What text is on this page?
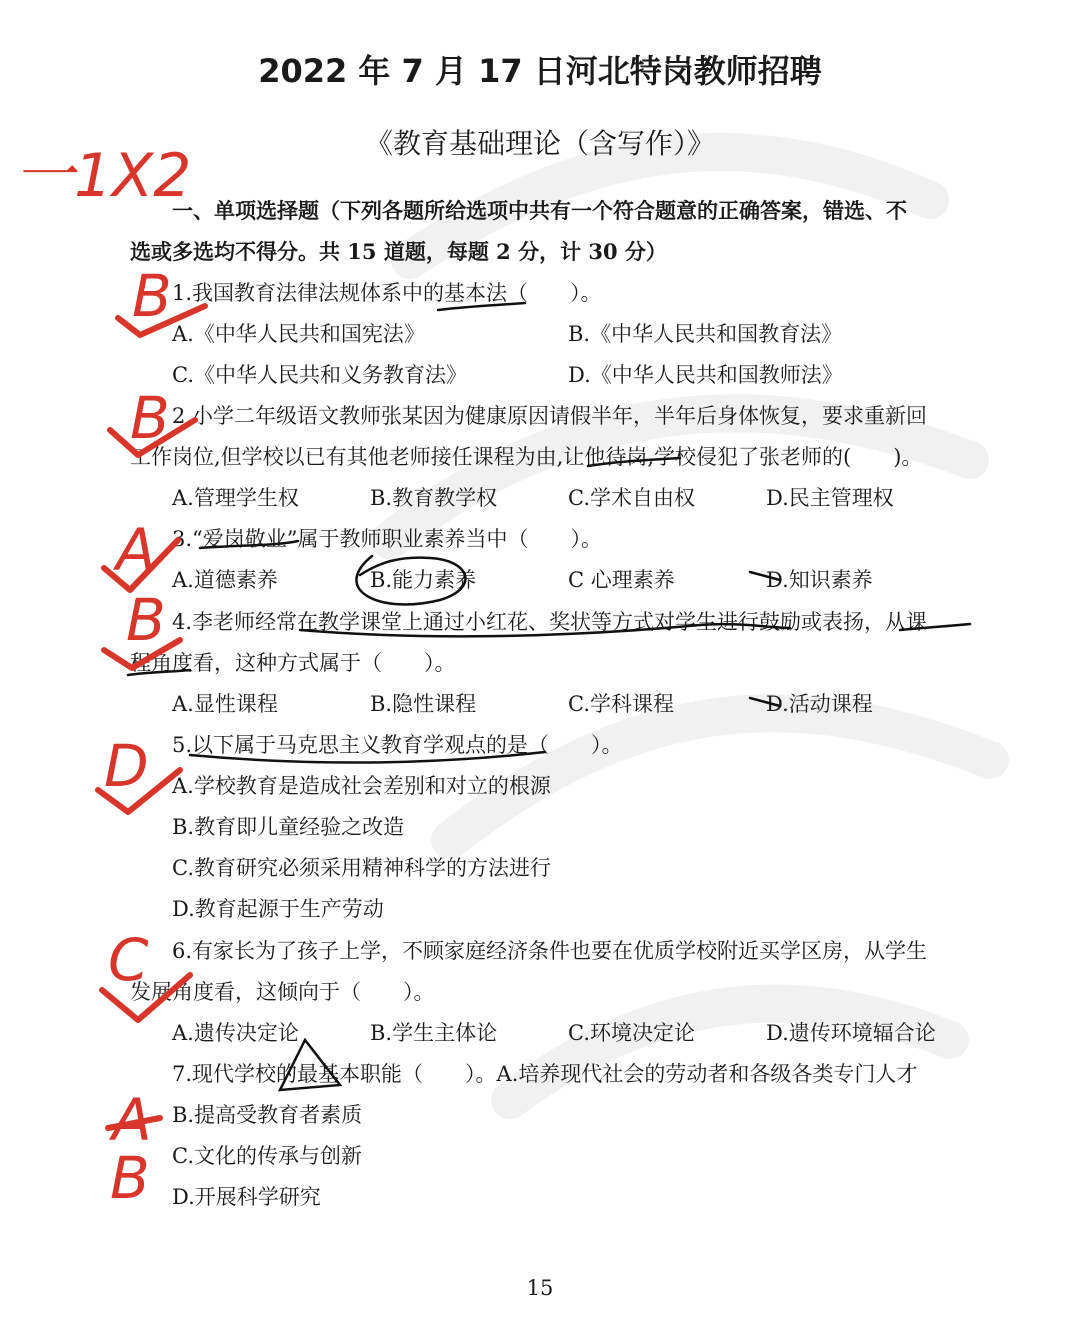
2022 年 7 月 17 日河北特岗教师招聘
《教育基础理论（含写作）》
一、单项选择题（下列各题所给选项中共有一个符合题意的正确答案，错选、不
选或多选均不得分。共 15 道题，每题 2 分，计 30 分）
1.我国教育法律法规体系中的基本法（　　）。
A.《中华人民共和国宪法》	B.《中华人民共和国教育法》
C.《中华人民共和义务教育法》	D.《中华人民共和国教师法》
2.小学二年级语文教师张某因为健康原因请假半年，半年后身体恢复，要求重新回
工作岗位,但学校以已有其他老师接任课程为由,让他待岗,学校侵犯了张老师的(　　)。
A.管理学生权	B.教育教学权	C.学术自由权	D.民主管理权
3.“爱岗敬业”属于教师职业素养当中（　　）。
A.道德素养	B.能力素养	C 心理素养	D.知识素养
4.李老师经常在教学课堂上通过小红花、奖状等方式对学生进行鼓励或表扬，从课
程角度看，这种方式属于（　　）。
A.显性课程	B.隐性课程	C.学科课程	D.活动课程
5.以下属于马克思主义教育学观点的是（　　）。
A.学校教育是造成社会差别和对立的根源
B.教育即儿童经验之改造
C.教育研究必须采用精神科学的方法进行
D.教育起源于生产劳动
6.有家长为了孩子上学，不顾家庭经济条件也要在优质学校附近买学区房，从学生
发展角度看，这倾向于（　　）。
A.遗传决定论	B.学生主体论	C.环境决定论	D.遗传环境辐合论
7.现代学校的最基本职能（　　）。A.培养现代社会的劳动者和各级各类专门人才
B.提高受教育者素质
C.文化的传承与创新
D.开展科学研究
15
一1X2
B
B
A
B
D
C
A
B
